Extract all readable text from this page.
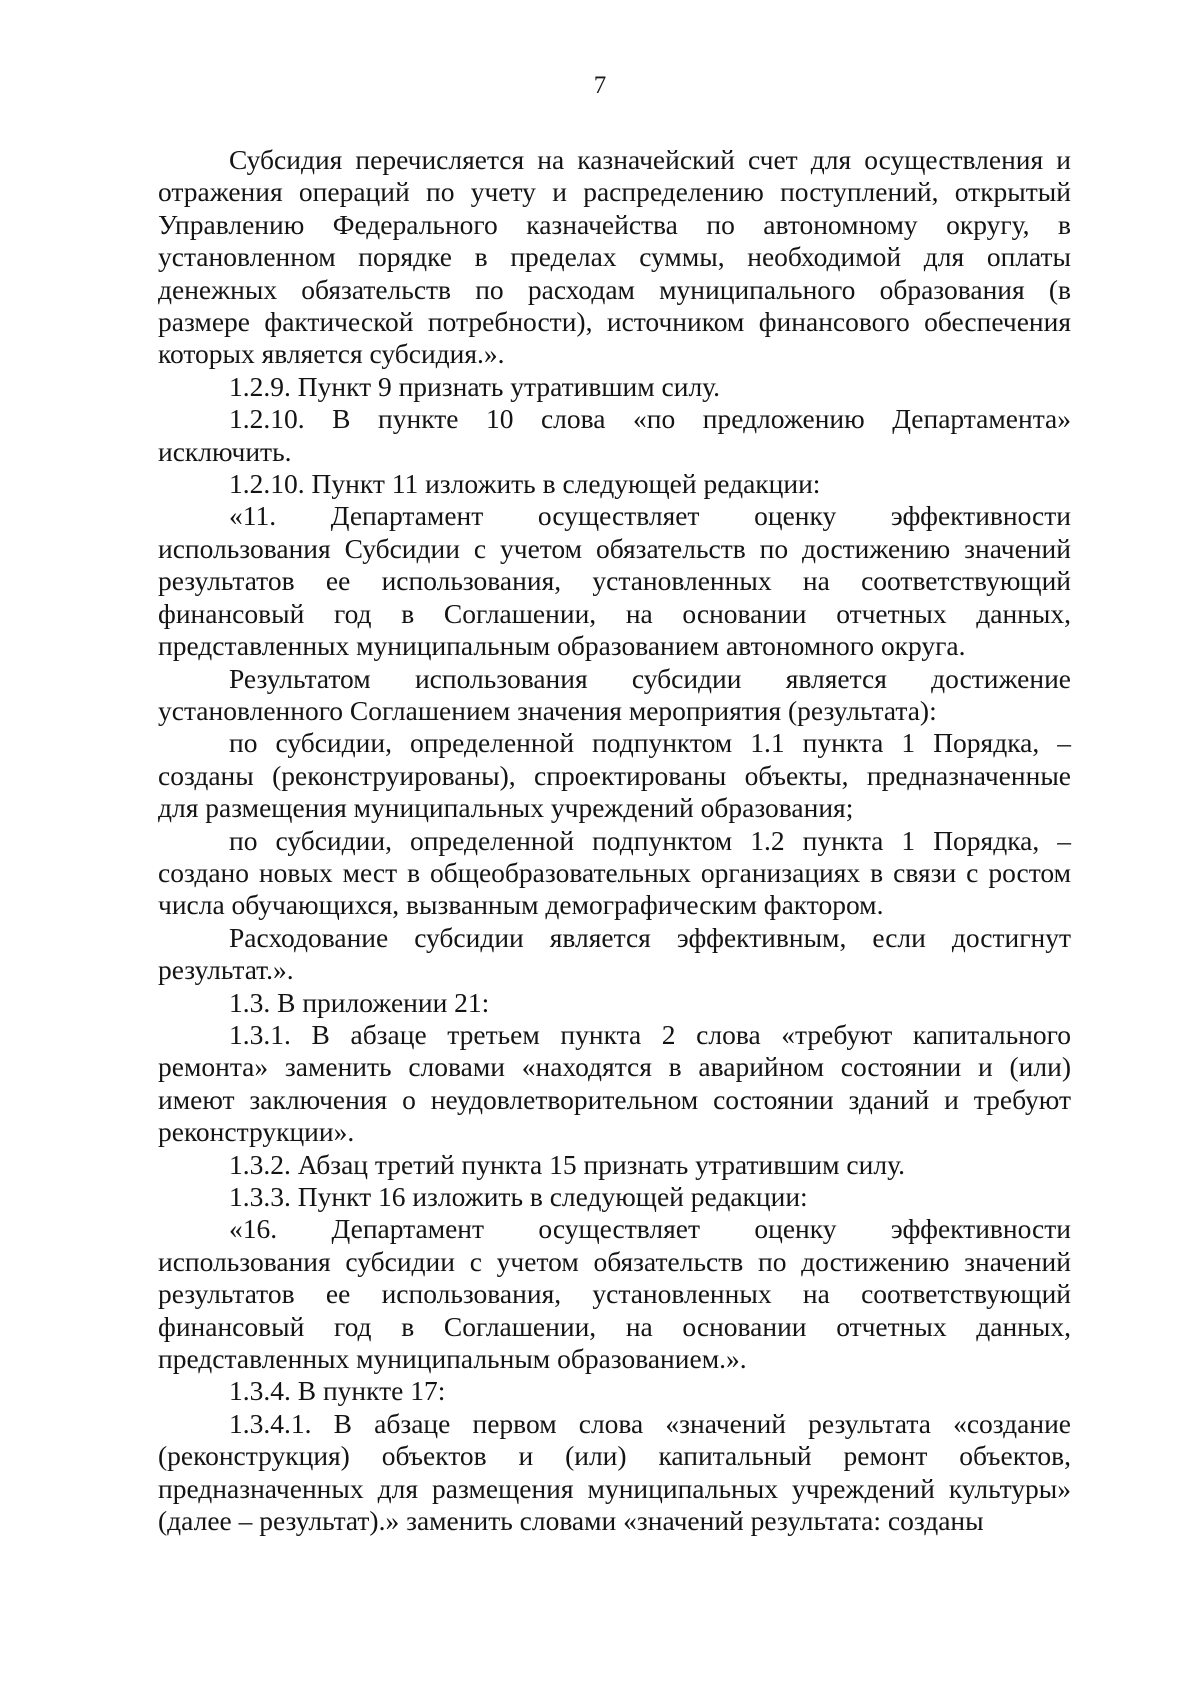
7
Субсидия перечисляется на казначейский счет для осуществления и
отражения операций по учету и распределению поступлений, открытый
Управлению Федерального казначейства по автономному округу, в
установленном порядке в пределах суммы, необходимой для оплаты
денежных обязательств по расходам муниципального образования (в
размере фактической потребности), источником финансового обеспечения
которых является субсидия.».
1.2.9. Пункт 9 признать утратившим силу.
1.2.10. В пункте 10 слова «по предложению Департамента»
исключить.
1.2.10. Пункт 11 изложить в следующей редакции:
«11. Департамент осуществляет оценку эффективности
использования Субсидии с учетом обязательств по достижению значений
результатов ее использования, установленных на соответствующий
финансовый год в Соглашении, на основании отчетных данных,
представленных муниципальным образованием автономного округа.
Результатом использования субсидии является достижение
установленного Соглашением значения мероприятия (результата):
по субсидии, определенной подпунктом 1.1 пункта 1 Порядка, –
созданы (реконструированы), спроектированы объекты, предназначенные
для размещения муниципальных учреждений образования;
по субсидии, определенной подпунктом 1.2 пункта 1 Порядка, –
создано новых мест в общеобразовательных организациях в связи с ростом
числа обучающихся, вызванным демографическим фактором.
Расходование субсидии является эффективным, если достигнут
результат.».
1.3. В приложении 21:
1.3.1. В абзаце третьем пункта 2 слова «требуют капитального
ремонта» заменить словами «находятся в аварийном состоянии и (или)
имеют заключения о неудовлетворительном состоянии зданий и требуют
реконструкции».
1.3.2. Абзац третий пункта 15 признать утратившим силу.
1.3.3. Пункт 16 изложить в следующей редакции:
«16. Департамент осуществляет оценку эффективности
использования субсидии с учетом обязательств по достижению значений
результатов ее использования, установленных на соответствующий
финансовый год в Соглашении, на основании отчетных данных,
представленных муниципальным образованием.».
1.3.4. В пункте 17:
1.3.4.1. В абзаце первом слова «значений результата «создание
(реконструкция) объектов и (или) капитальный ремонт объектов,
предназначенных для размещения муниципальных учреждений культуры»
(далее – результат).» заменить словами «значений результата: созданы
